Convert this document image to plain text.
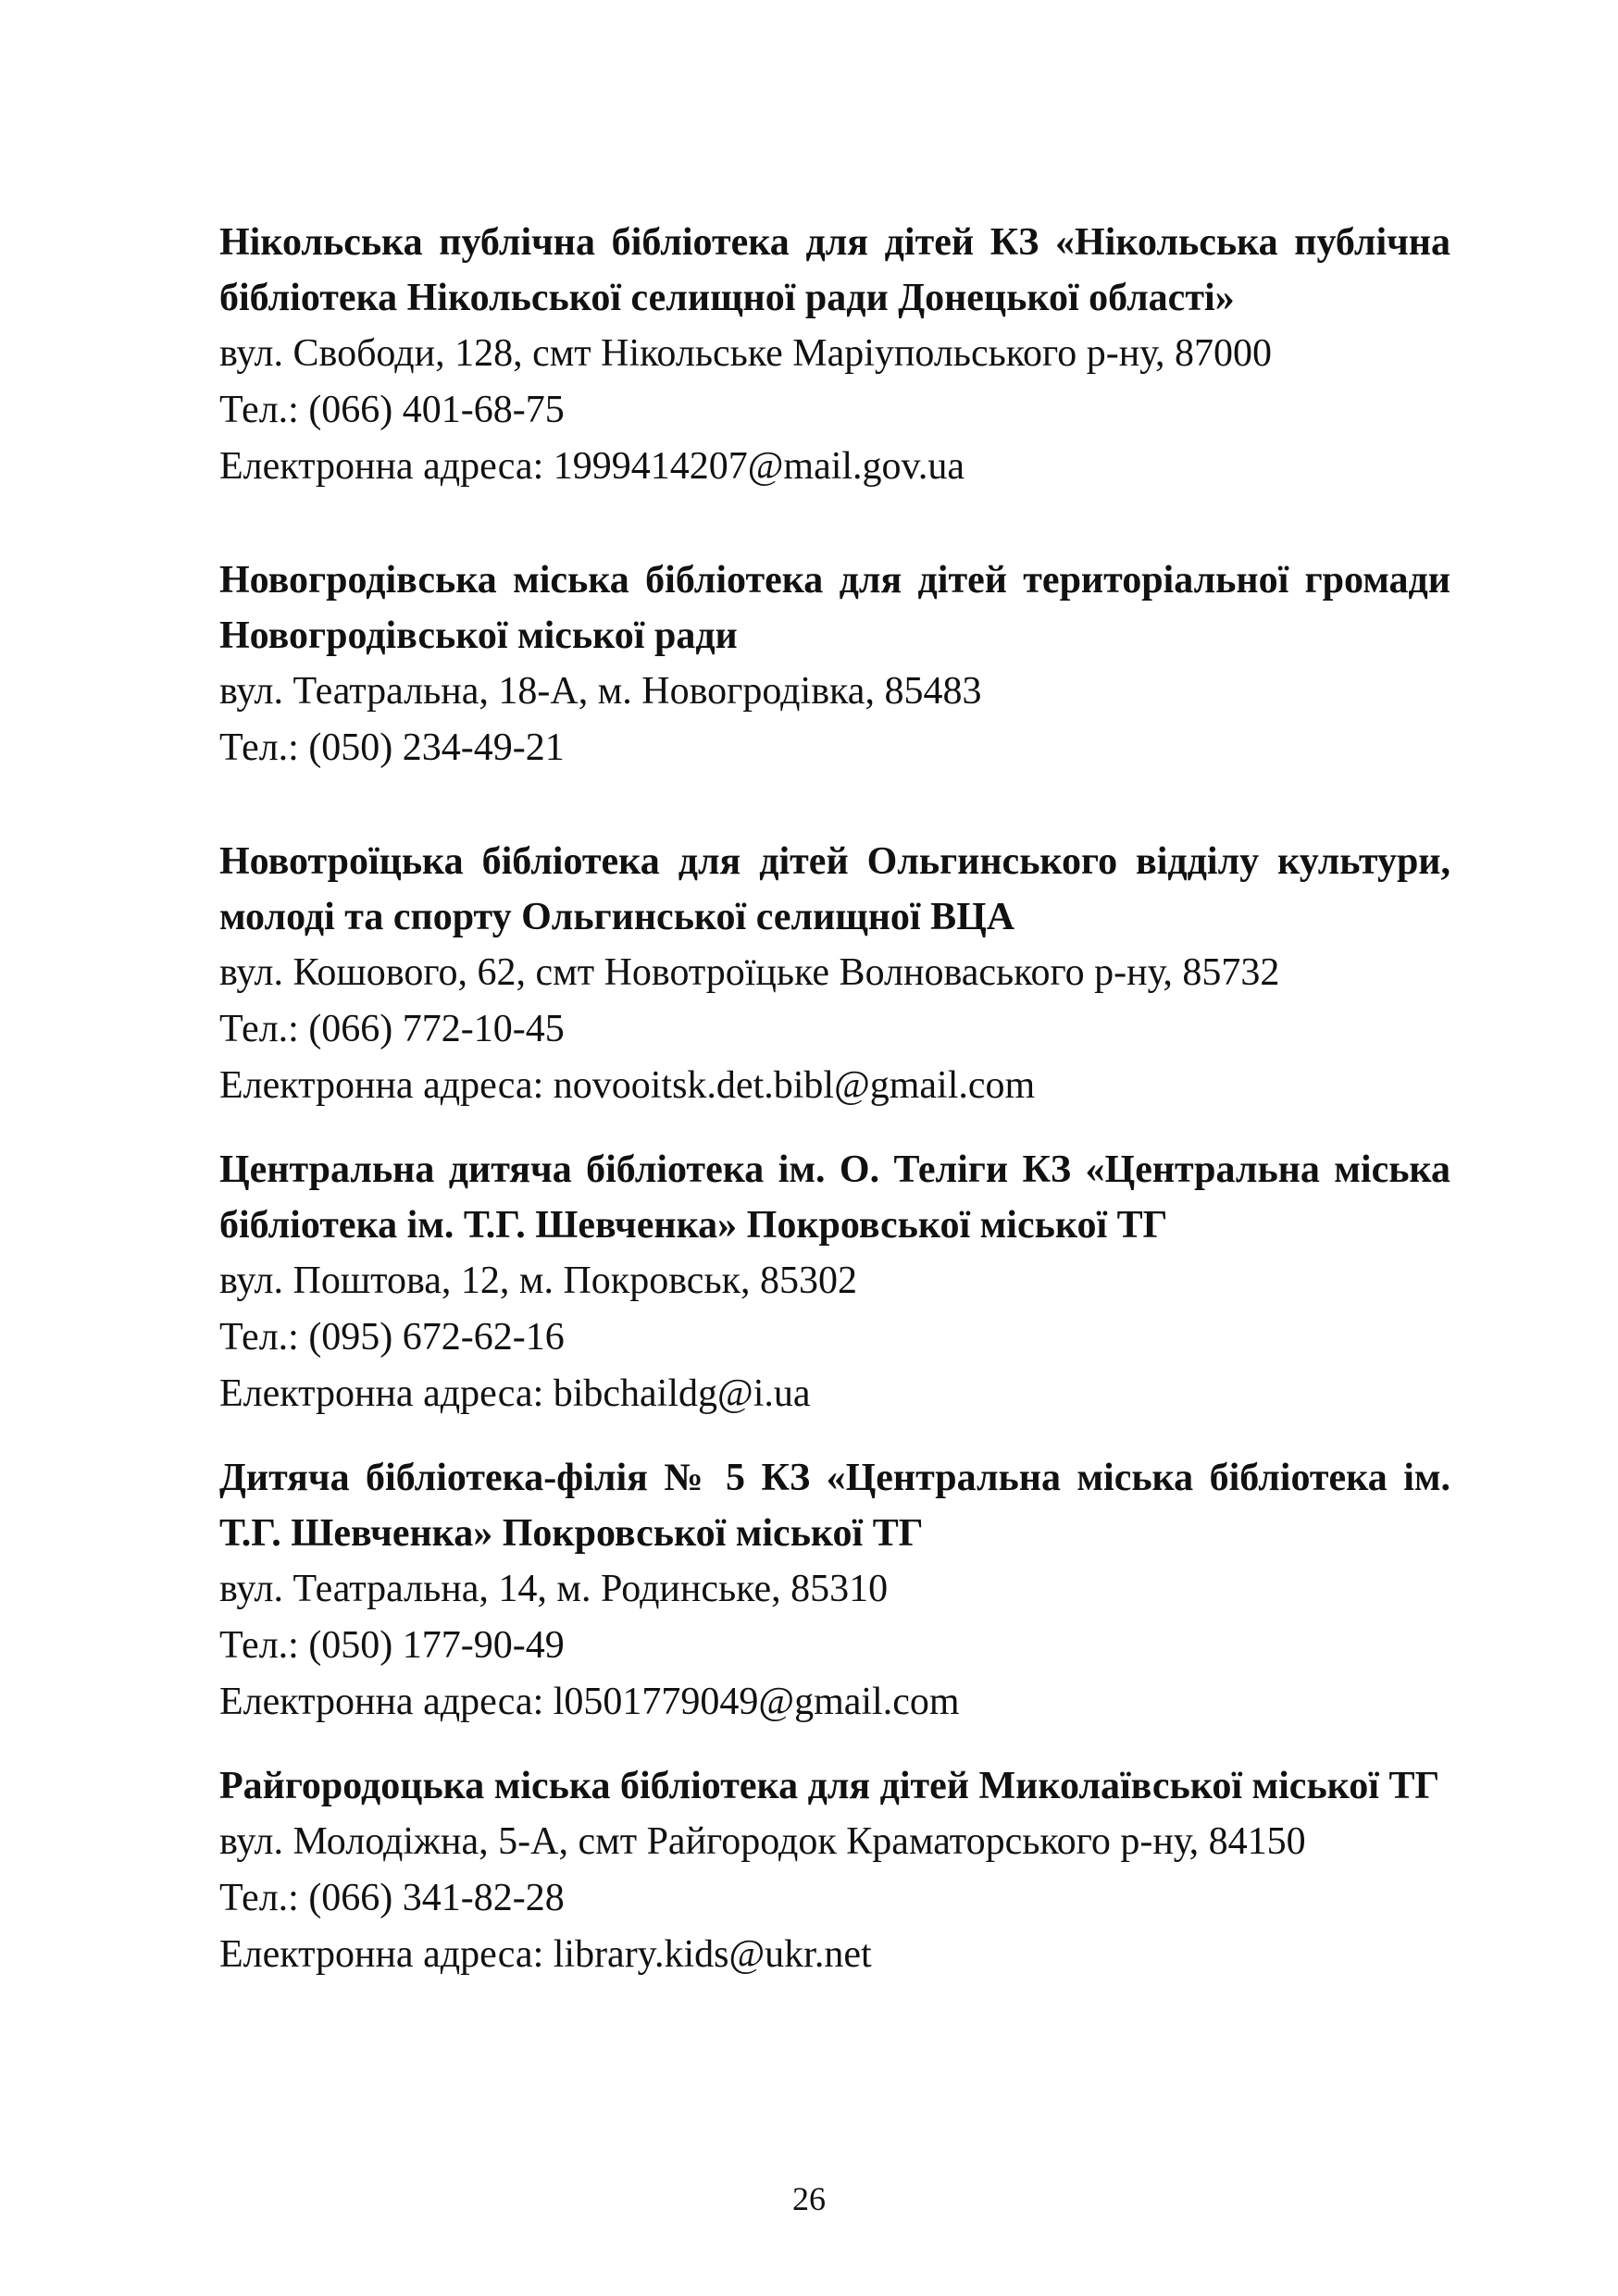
Нікольська публічна бібліотека для дітей КЗ «Нікольська публічна бібліотека Нікольської селищної ради Донецької області»

вул. Свободи, 128, смт Нікольське Маріупольського р-ну, 87000

Тел.: (066) 401-68-75

Електронна адреса: 1999414207@mail.gov.ua

Новогродівська міська бібліотека для дітей територіальної громади Новогродівської міської ради

вул. Театральна, 18-А, м. Новогродівка, 85483

Тел.: (050) 234-49-21

Новотроїцька бібліотека для дітей Ольгинського відділу культури, молоді та спорту Ольгинської селищної ВЦА

вул. Кошового, 62, смт Новотроїцьке Волноваського р-ну, 85732

Тел.: (066) 772-10-45

Електронна адреса: novooitsk.det.bibl@gmail.com

Центральна дитяча бібліотека ім. О. Теліги КЗ «Центральна міська бібліотека ім. Т.Г. Шевченка» Покровської міської ТГ

вул. Поштова, 12, м. Покровськ, 85302

Тел.: (095) 672-62-16

Електронна адреса: bibchaildg@i.ua

Дитяча бібліотека-філія № 5 КЗ «Центральна міська бібліотека ім. Т.Г. Шевченка» Покровської міської ТГ

вул. Театральна, 14, м. Родинське, 85310

Тел.: (050) 177-90-49

Електронна адреса: l0501779049@gmail.com

Райгородоцька міська бібліотека для дітей Миколаївської міської ТГ

вул. Молодіжна, 5-А, смт Райгородок Краматорського р-ну, 84150

Тел.: (066) 341-82-28

Електронна адреса: library.kids@ukr.net

26
